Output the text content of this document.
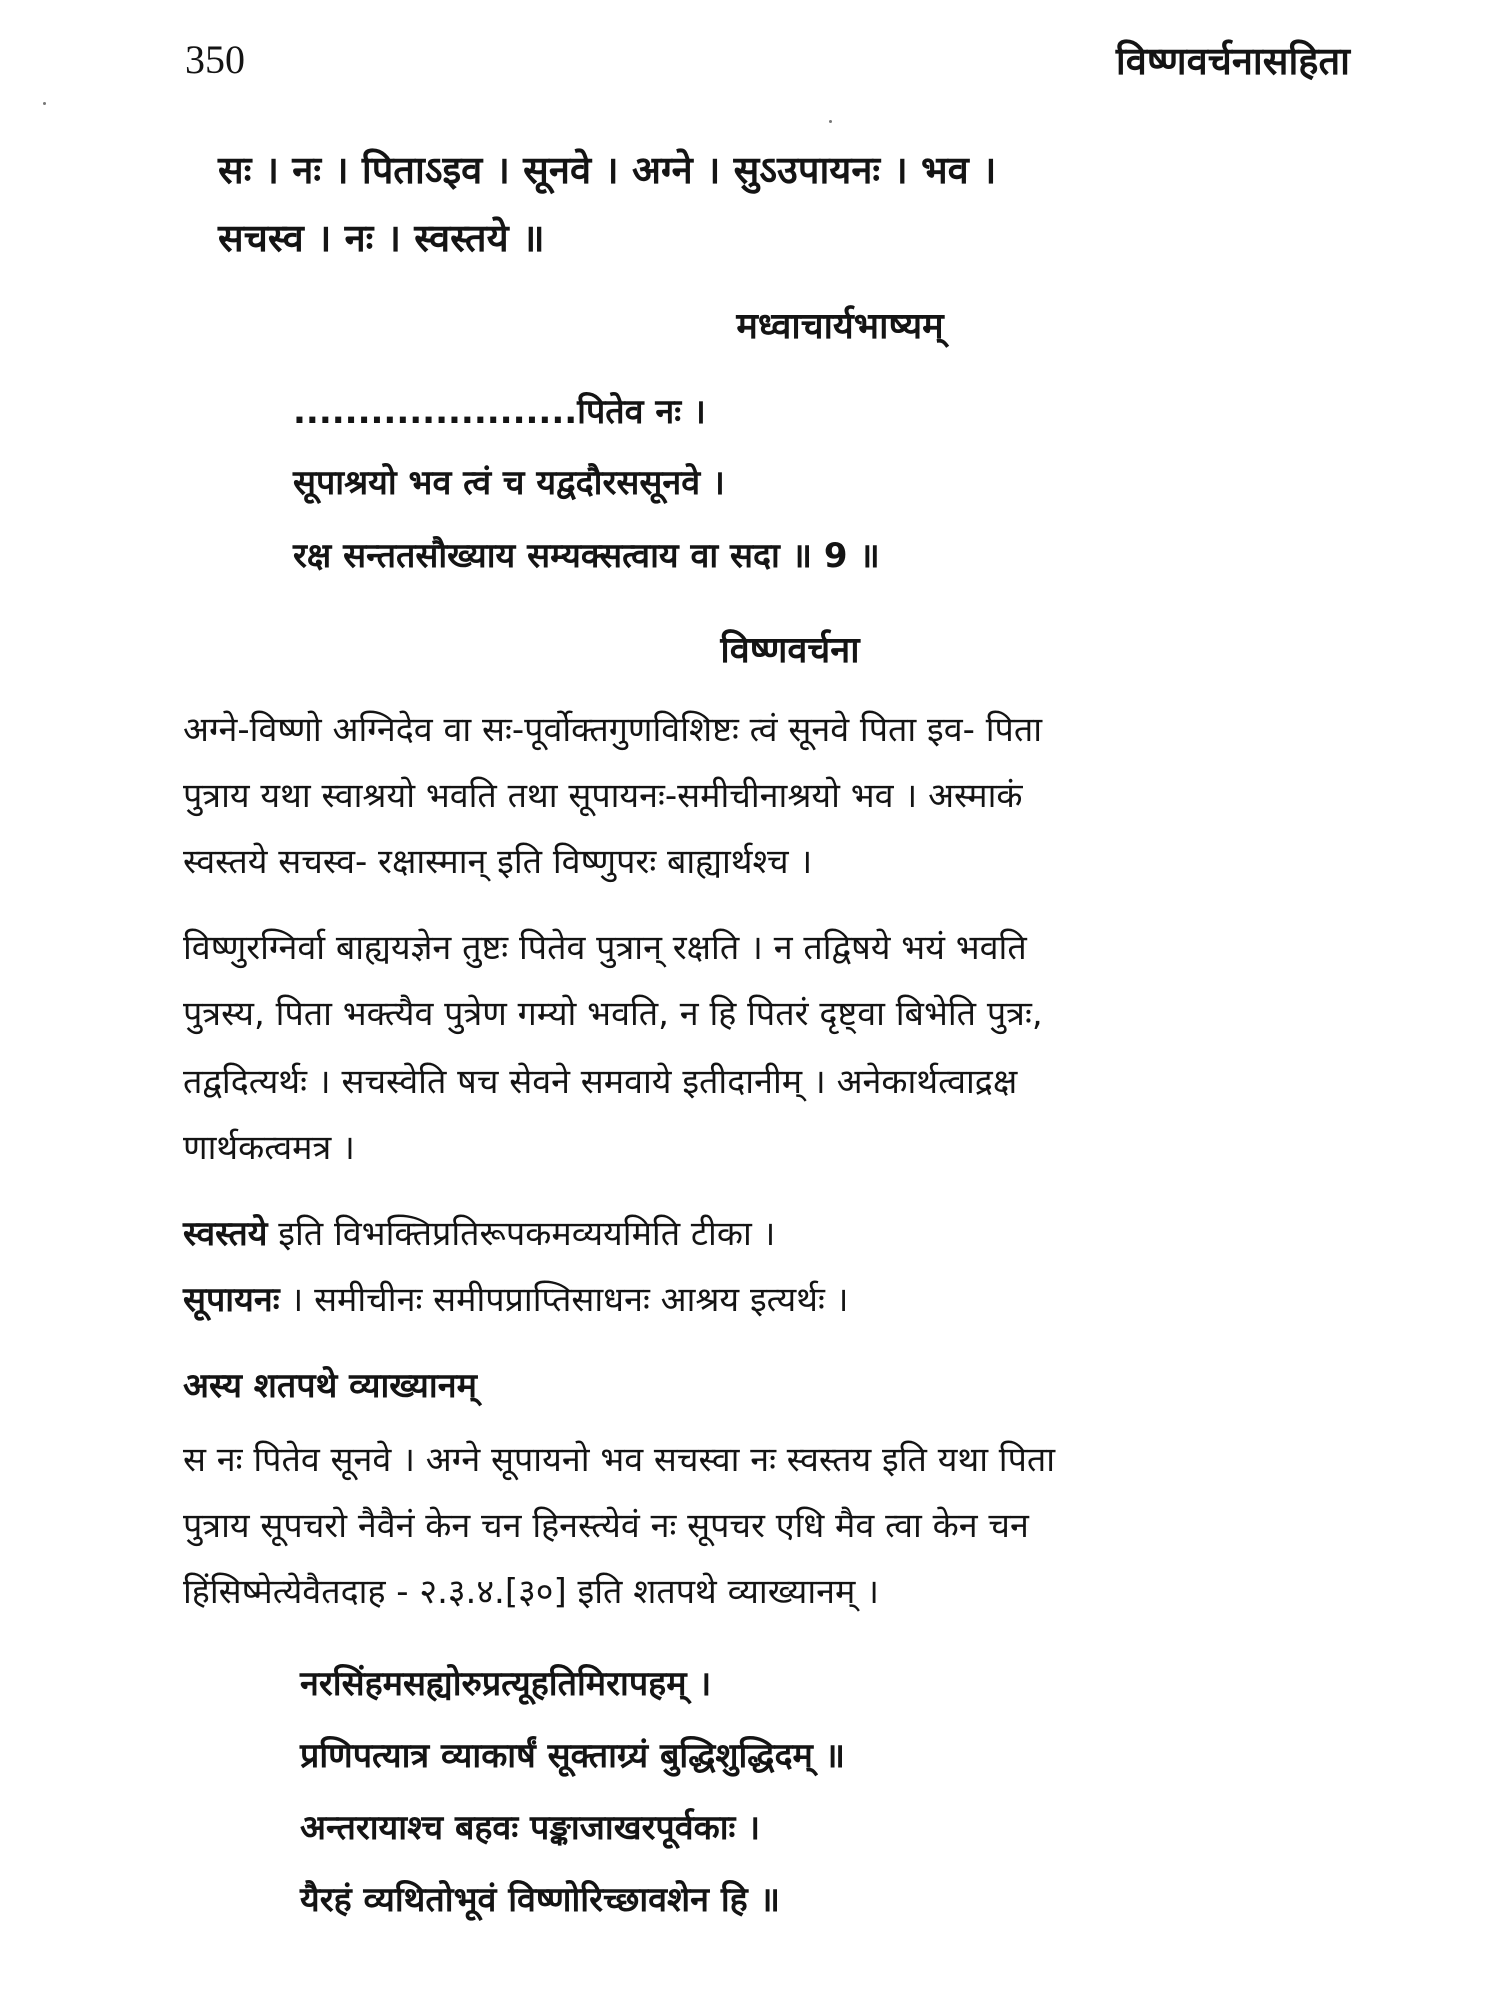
350	विष्णवर्चनासहिता
सः । नः । पिताऽइव । सूनवे । अग्ने । सुऽउपायनः । भव ।
सचस्व । नः । स्वस्तये ॥
मध्वाचार्यभाष्यम्
......................पितेव नः ।
सूपाश्रयो भव त्वं च यद्वदौरससूनवे ।
रक्ष सन्ततसौख्याय सम्यक्सत्वाय वा सदा ॥ 9 ॥
विष्णवर्चना
अग्ने-विष्णो अग्निदेव वा सः-पूर्वोक्तगुणविशिष्टः त्वं सूनवे पिता इव- पिता
पुत्राय यथा स्वाश्रयो भवति तथा सूपायनः-समीचीनाश्रयो भव । अस्माकं
स्वस्तये सचस्व- रक्षास्मान् इति विष्णुपरः बाह्यार्थश्च ।
विष्णुरग्निर्वा बाह्ययज्ञेन तुष्टः पितेव पुत्रान् रक्षति । न तद्विषये भयं भवति
पुत्रस्य, पिता भक्त्यैव पुत्रेण गम्यो भवति, न हि पितरं दृष्ट्वा बिभेति पुत्रः,
तद्वदित्यर्थः । सचस्वेति षच सेवने समवाये इतीदानीम् । अनेकार्थत्वाद्रक्ष
णार्थकत्वमत्र ।
स्वस्तये इति विभक्तिप्रतिरूपकमव्ययमिति टीका ।
सूपायनः । समीचीनः समीपप्राप्तिसाधनः आश्रय इत्यर्थः ।
अस्य शतपथे व्याख्यानम्
स नः पितेव सूनवे । अग्ने सूपायनो भव सचस्वा नः स्वस्तय इति यथा पिता
पुत्राय सूपचरो नैवैनं केन चन हिनस्त्येवं नः सूपचर एधि मैव त्वा केन चन
हिंसिष्मेत्येवैतदाह - २.३.४.[३०] इति शतपथे व्याख्यानम् ।
नरसिंहमसह्योरुप्रत्यूहतिमिरापहम् ।
प्रणिपत्यात्र व्याकार्षं सूक्ताग्र्यं बुद्धिशुद्धिदम् ॥
अन्तरायाश्च बहवः पङ्काजाखरपूर्वकाः ।
यैरहं व्यथितोभूवं विष्णोरिच्छावशेन हि ॥
